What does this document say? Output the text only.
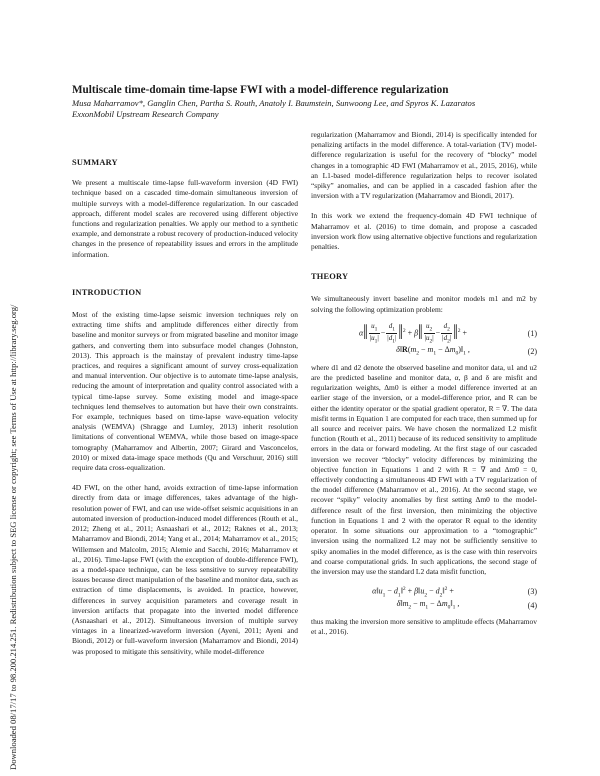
Downloaded 08/17/17 to 98.200.214.251. Redistribution subject to SEG license or copyright; see Terms of Use at http://library.seg.org/
Multiscale time-domain time-lapse FWI with a model-difference regularization
Musa Maharramov*, Ganglin Chen, Partha S. Routh, Anatoly I. Baumstein, Sunwoong Lee, and Spyros K. Lazaratos
ExxonMobil Upstream Research Company
SUMMARY
We present a multiscale time-lapse full-waveform inversion (4D FWI) technique based on a cascaded time-domain simultaneous inversion of multiple surveys with a model-difference regularization. In our cascaded approach, different model scales are recovered using different objective functions and regularization penalties. We apply our method to a synthetic example, and demonstrate a robust recovery of production-induced velocity changes in the presence of repeatability issues and errors in the amplitude information.
INTRODUCTION
Most of the existing time-lapse seismic inversion techniques rely on extracting time shifts and amplitude differences either directly from baseline and monitor surveys or from migrated baseline and monitor image gathers, and converting them into subsurface model changes (Johnston, 2013). This approach is the mainstay of prevalent industry time-lapse practices, and requires a significant amount of survey cross-equalization and manual intervention. Our objective is to automate time-lapse analysis, reducing the amount of interpretation and quality control associated with a typical time-lapse survey. Some existing model and image-space techniques lend themselves to automation but have their own constraints. For example, techniques based on time-lapse wave-equation velocity analysis (WEMVA) (Shragge and Lumley, 2013) inherit resolution limitations of conventional WEMVA, while those based on image-space tomography (Maharramov and Albertin, 2007; Girard and Vasconcelos, 2010) or mixed data-image space methods (Qu and Verschuur, 2016) still require data cross-equalization.
4D FWI, on the other hand, avoids extraction of time-lapse information directly from data or image differences, takes advantage of the high-resolution power of FWI, and can use wide-offset seismic acquisitions in an automated inversion of production-induced model differences (Routh et al., 2012; Zheng et al., 2011; Asnaashari et al., 2012; Raknes et al., 2013; Maharramov and Biondi, 2014; Yang et al., 2014; Maharramov et al., 2015; Willemsen and Malcolm, 2015; Alemie and Sacchi, 2016; Maharramov et al., 2016). Time-lapse FWI (with the exception of double-difference FWI), as a model-space technique, can be less sensitive to survey repeatability issues because direct manipulation of the baseline and monitor data, such as extraction of time displacements, is avoided. In practice, however, differences in survey acquisition parameters and coverage result in inversion artifacts that propagate into the inverted model difference (Asnaashari et al., 2012). Simultaneous inversion of multiple survey vintages in a linearized-waveform inversion (Ayeni, 2011; Ayeni and Biondi, 2012) or full-waveform inversion (Maharramov and Biondi, 2014) was proposed to mitigate this sensitivity, while model-difference
regularization (Maharramov and Biondi, 2014) is specifically intended for penalizing artifacts in the model difference. A total-variation (TV) model-difference regularization is useful for the recovery of “blocky” model changes in a tomographic 4D FWI (Maharramov et al., 2015, 2016), while an L1-based model-difference regularization helps to recover isolated “spiky” anomalies, and can be applied in a cascaded fashion after the inversion with a TV regularization (Maharramov and Biondi, 2017).
In this work we extend the frequency-domain 4D FWI technique of Maharramov et al. (2016) to time domain, and propose a cascaded inversion work flow using alternative objective functions and regularization penalties.
THEORY
We simultaneously invert baseline and monitor models m1 and m2 by solving the following optimization problem:
α‖ $\frac{u_1}{|u_1|} - \frac{d_1}{|d_1|}$ ‖$^2$ + β‖ $\frac{u_2}{|u_2|} - \frac{d_2}{|d_2|}$ ‖$^2$ +	(1)
$\delta‖R(m_2 - m_1$ − $\Delta m_0)‖_1$ ,	(2)
where d1 and d2 denote the observed baseline and monitor data, u1 and u2 are the predicted baseline and monitor data, α, β and δ are misfit and regularization weights, Δm0 is either a model difference inverted at an earlier stage of the inversion, or a model-difference prior, and R can be either the identity operator or the spatial gradient operator, R = ∇. The data misfit terms in Equation 1 are computed for each trace, then summed up for all source and receiver pairs. We have chosen the normalized L2 misfit function (Routh et al., 2011) because of its reduced sensitivity to amplitude errors in the data or forward modeling. At the first stage of our cascaded inversion we recover “blocky” velocity differences by minimizing the objective function in Equations 1 and 2 with R = ∇ and Δm0 = 0, effectively conducting a simultaneous 4D FWI with a TV regularization of the model difference (Maharramov et al., 2016). At the second stage, we recover “spiky” velocity anomalies by first setting Δm0 to the model-difference result of the first inversion, then minimizing the objective function in Equations 1 and 2 with the operator R equal to the identity operator. In some situations our approximation to a “tomographic” inversion using the normalized L2 may not be sufficiently sensitive to spiky anomalies in the model difference, as is the case with thin reservoirs and coarse computational grids. In such applications, the second stage of the inversion may use the standard L2 data misfit function,
$\alpha‖u_1$ − $d_1‖^2$ + $\beta‖u_2$ − $d_2‖^2$ +	(3)
$\delta‖m_2 - m_1$ − $\Delta m_0‖_1$ ,	(4)
thus making the inversion more sensitive to amplitude effects (Maharramov et al., 2016).
